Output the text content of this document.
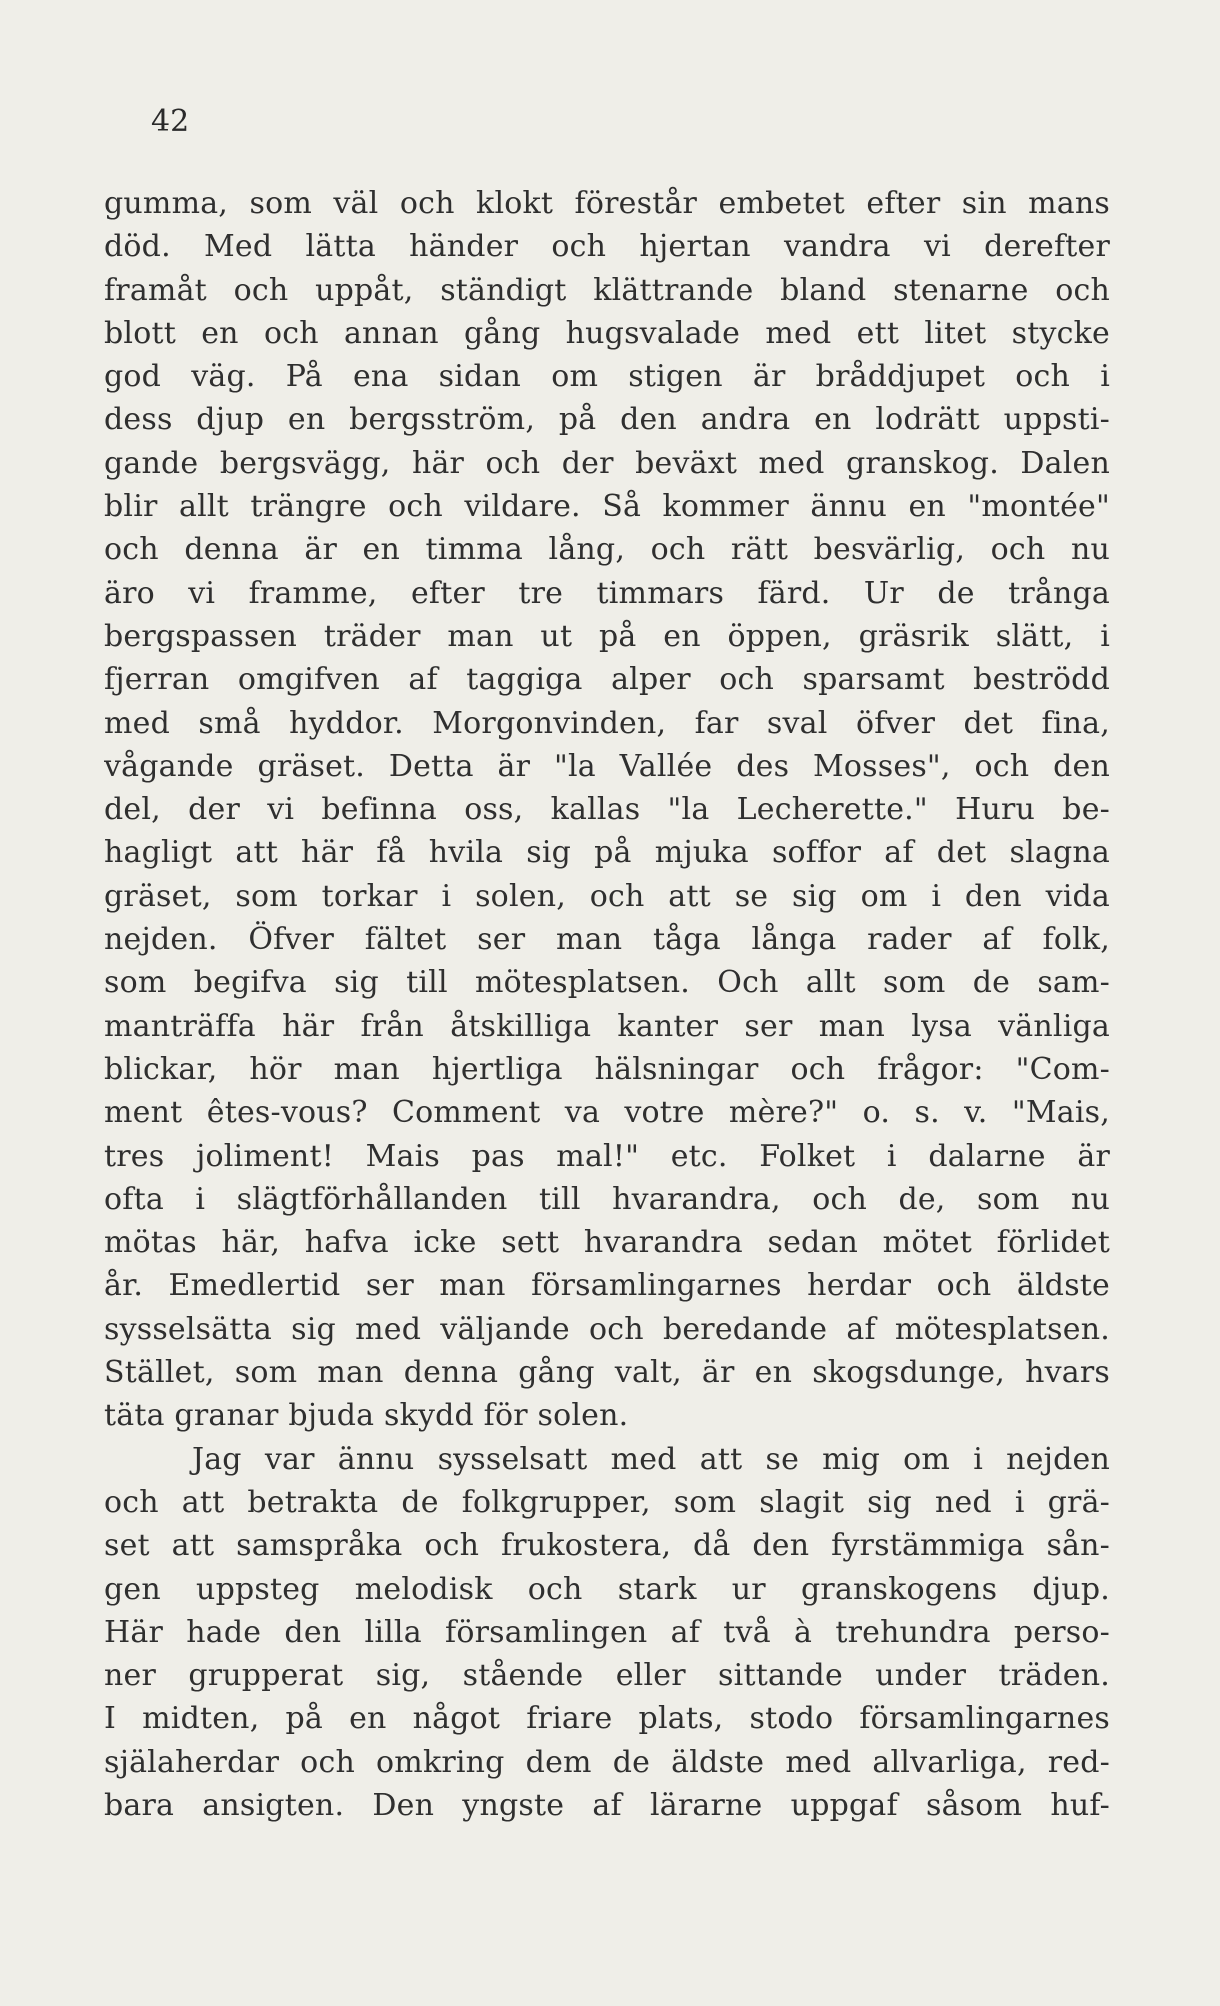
42
gumma, som väl och klokt förestår embetet efter sin mans
död. Med lätta händer och hjertan vandra vi derefter
framåt och uppåt, ständigt klättrande bland stenarne och
blott en och annan gång hugsvalade med ett litet stycke
god väg. På ena sidan om stigen är bråddjupet och i
dess djup en bergsström, på den andra en lodrätt uppsti-
gande bergsvägg, här och der beväxt med granskog. Dalen
blir allt trängre och vildare. Så kommer ännu en "montée"
och denna är en timma lång, och rätt besvärlig, och nu
äro vi framme, efter tre timmars färd. Ur de trånga
bergspassen träder man ut på en öppen, gräsrik slätt, i
fjerran omgifven af taggiga alper och sparsamt beströdd
med små hyddor. Morgonvinden, far sval öfver det fina,
vågande gräset. Detta är "la Vallée des Mosses", och den
del, der vi befinna oss, kallas "la Lecherette." Huru be-
hagligt att här få hvila sig på mjuka soffor af det slagna
gräset, som torkar i solen, och att se sig om i den vida
nejden. Öfver fältet ser man tåga långa rader af folk,
som begifva sig till mötesplatsen. Och allt som de sam-
manträffa här från åtskilliga kanter ser man lysa vänliga
blickar, hör man hjertliga hälsningar och frågor: "Com-
ment êtes-vous? Comment va votre mère?" o. s. v. "Mais,
tres joliment! Mais pas mal!" etc. Folket i dalarne är
ofta i slägtförhållanden till hvarandra, och de, som nu
mötas här, hafva icke sett hvarandra sedan mötet förlidet
år. Emedlertid ser man församlingarnes herdar och äldste
sysselsätta sig med väljande och beredande af mötesplatsen.
Stället, som man denna gång valt, är en skogsdunge, hvars
täta granar bjuda skydd för solen.
Jag var ännu sysselsatt med att se mig om i nejden
och att betrakta de folkgrupper, som slagit sig ned i grä-
set att samspråka och frukostera, då den fyrstämmiga sån-
gen uppsteg melodisk och stark ur granskogens djup.
Här hade den lilla församlingen af två à trehundra perso-
ner grupperat sig, stående eller sittande under träden.
I midten, på en något friare plats, stodo församlingarnes
själaherdar och omkring dem de äldste med allvarliga, red-
bara ansigten. Den yngste af lärarne uppgaf såsom huf-
